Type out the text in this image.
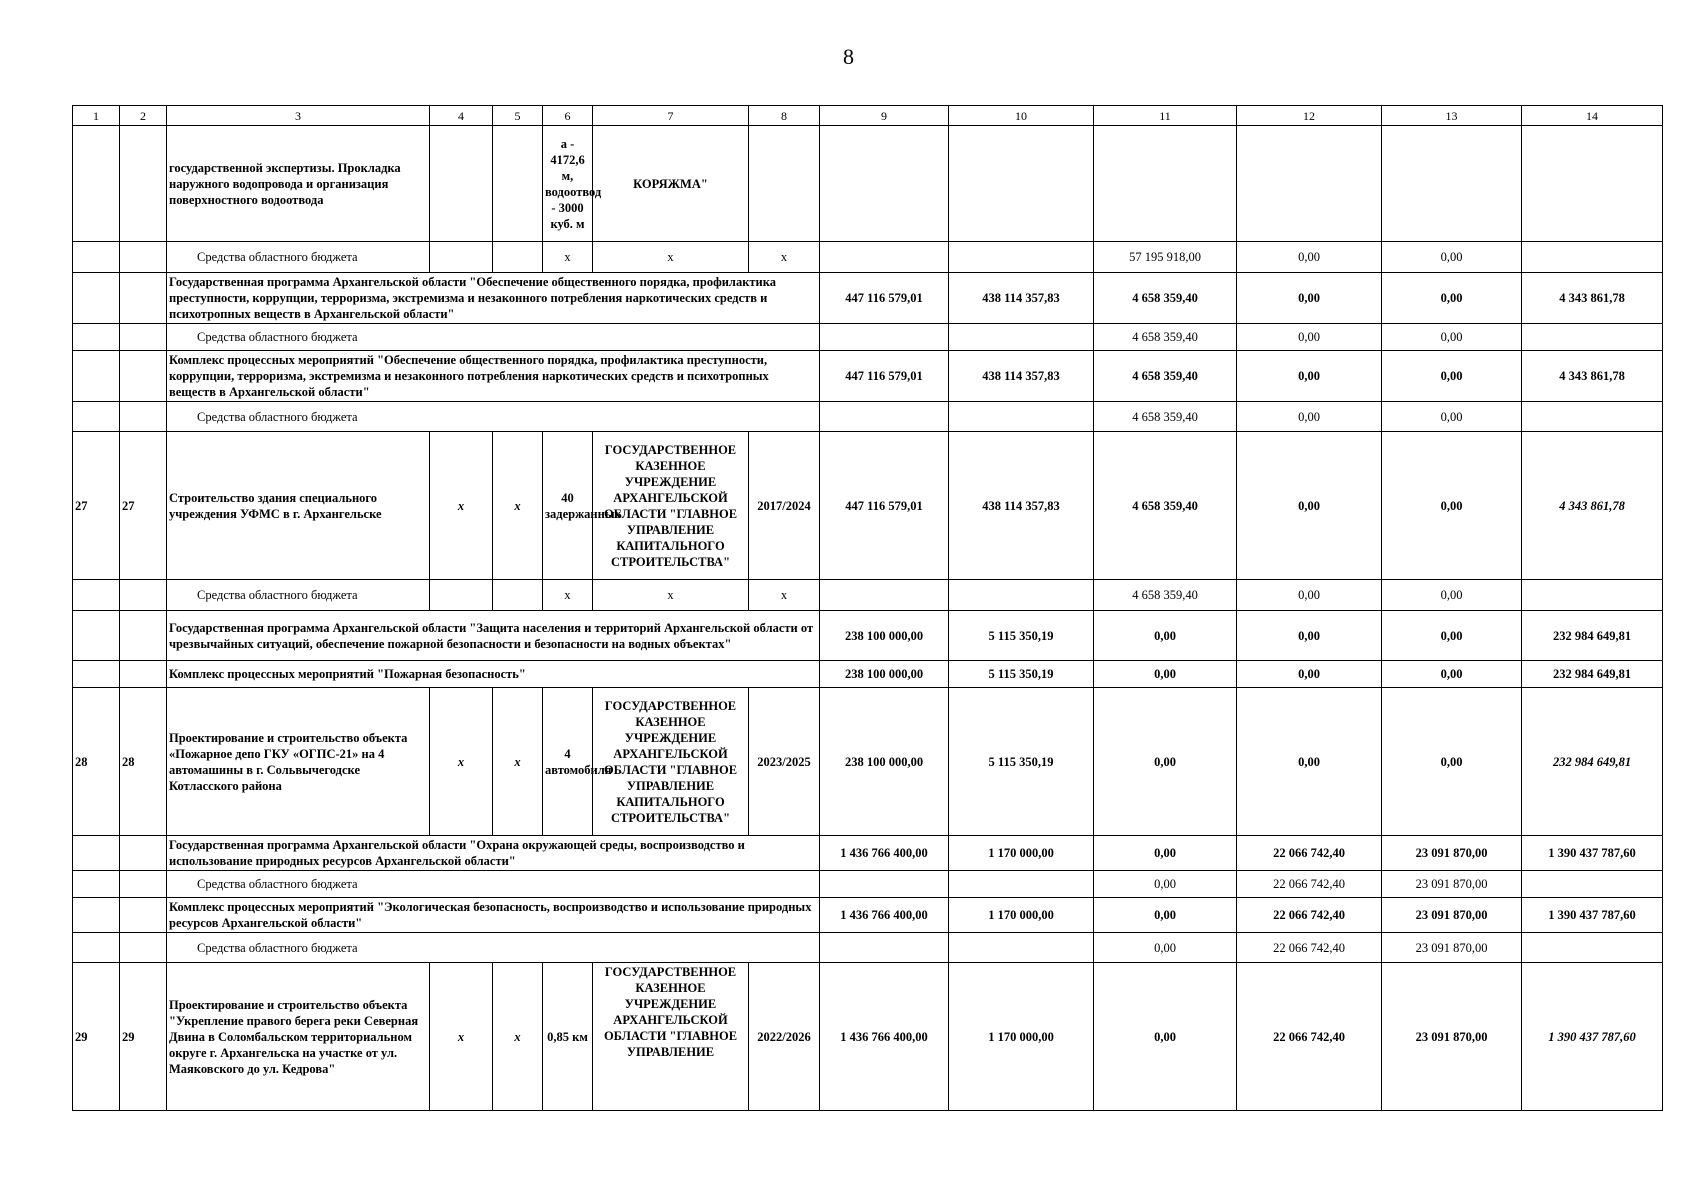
8
1	2	3	4	5	6	7	8	9	10	11	12	13	14
		государственной экспертизы. Прокладка наружного водопровода и организация поверхностного водоотвода			а - 4172,6 м, водоотвод - 3000 куб. м	КОРЯЖМА"							
		Средства областного бюджета			x	x	x			57 195 918,00	0,00	0,00	
		Государственная программа Архангельской области "Обеспечение общественного порядка, профилактика преступности, коррупции, терроризма, экстремизма и незаконного потребления наркотических средств и психотропных веществ в Архангельской области"						447 116 579,01	438 114 357,83	4 658 359,40	0,00	0,00	4 343 861,78
		Средства областного бюджета								4 658 359,40	0,00	0,00	
		Комплекс процессных мероприятий "Обеспечение общественного порядка, профилактика преступности, коррупции, терроризма, экстремизма и незаконного потребления наркотических средств и психотропных веществ в Архангельской области"						447 116 579,01	438 114 357,83	4 658 359,40	0,00	0,00	4 343 861,78
		Средства областного бюджета								4 658 359,40	0,00	0,00	
27	27	Строительство здания специального учреждения УФМС в г. Архангельске	x	x	40 задержанных	ГОСУДАРСТВЕННОЕ КАЗЕННОЕ УЧРЕЖДЕНИЕ АРХАНГЕЛЬСКОЙ ОБЛАСТИ "ГЛАВНОЕ УПРАВЛЕНИЕ КАПИТАЛЬНОГО СТРОИТЕЛЬСТВА"	2017/2024	447 116 579,01	438 114 357,83	4 658 359,40	0,00	0,00	4 343 861,78
		Средства областного бюджета			x	x	x			4 658 359,40	0,00	0,00	
		Государственная программа Архангельской области "Защита населения и территорий Архангельской области от чрезвычайных ситуаций, обеспечение пожарной безопасности и безопасности на водных объектах"						238 100 000,00	5 115 350,19	0,00	0,00	0,00	232 984 649,81
		Комплекс процессных мероприятий "Пожарная безопасность"						238 100 000,00	5 115 350,19	0,00	0,00	0,00	232 984 649,81
28	28	Проектирование и строительство объекта «Пожарное депо ГКУ «ОГПС-21» на 4 автомашины в г. Сольвычегодске Котласского района	x	x	4 автомобиля	ГОСУДАРСТВЕННОЕ КАЗЕННОЕ УЧРЕЖДЕНИЕ АРХАНГЕЛЬСКОЙ ОБЛАСТИ "ГЛАВНОЕ УПРАВЛЕНИЕ КАПИТАЛЬНОГО СТРОИТЕЛЬСТВА"	2023/2025	238 100 000,00	5 115 350,19	0,00	0,00	0,00	232 984 649,81
		Государственная программа Архангельской области "Охрана окружающей среды, воспроизводство и использование природных ресурсов Архангельской области"						1 436 766 400,00	1 170 000,00	0,00	22 066 742,40	23 091 870,00	1 390 437 787,60
		Средства областного бюджета								0,00	22 066 742,40	23 091 870,00	
		Комплекс процессных мероприятий "Экологическая безопасность, воспроизводство и использование природных ресурсов Архангельской области"						1 436 766 400,00	1 170 000,00	0,00	22 066 742,40	23 091 870,00	1 390 437 787,60
		Средства областного бюджета								0,00	22 066 742,40	23 091 870,00	
29	29	Проектирование и строительство объекта "Укрепление правого берега реки Северная Двина в Соломбальском территориальном округе г. Архангельска на участке от ул. Маяковского до ул. Кедрова"	x	x	0,85 км	ГОСУДАРСТВЕННОЕ КАЗЕННОЕ УЧРЕЖДЕНИЕ АРХАНГЕЛЬСКОЙ ОБЛАСТИ "ГЛАВНОЕ УПРАВЛЕНИЕ	2022/2026	1 436 766 400,00	1 170 000,00	0,00	22 066 742,40	23 091 870,00	1 390 437 787,60
